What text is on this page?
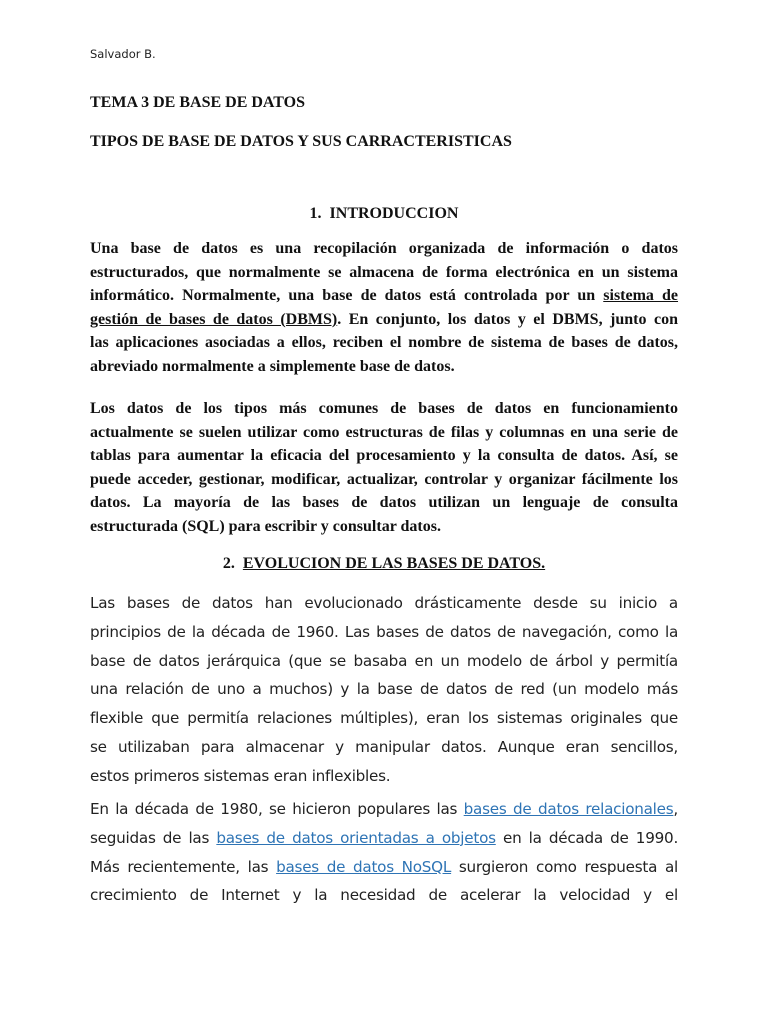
Salvador B.
TEMA 3 DE BASE DE DATOS
TIPOS DE BASE DE DATOS Y SUS CARRACTERISTICAS
1. INTRODUCCION
Una base de datos es una recopilación organizada de información o datos
estructurados, que normalmente se almacena de forma electrónica en un sistema
informático. Normalmente, una base de datos está controlada por un sistema de
gestión de bases de datos (DBMS). En conjunto, los datos y el DBMS, junto con
las aplicaciones asociadas a ellos, reciben el nombre de sistema de bases de datos,
abreviado normalmente a simplemente base de datos.
Los datos de los tipos más comunes de bases de datos en funcionamiento
actualmente se suelen utilizar como estructuras de filas y columnas en una serie de
tablas para aumentar la eficacia del procesamiento y la consulta de datos. Así, se
puede acceder, gestionar, modificar, actualizar, controlar y organizar fácilmente los
datos. La mayoría de las bases de datos utilizan un lenguaje de consulta
estructurada (SQL) para escribir y consultar datos.
2. EVOLUCION DE LAS BASES DE DATOS.
Las bases de datos han evolucionado drásticamente desde su inicio a
principios de la década de 1960. Las bases de datos de navegación, como la
base de datos jerárquica (que se basaba en un modelo de árbol y permitía
una relación de uno a muchos) y la base de datos de red (un modelo más
flexible que permitía relaciones múltiples), eran los sistemas originales que
se utilizaban para almacenar y manipular datos. Aunque eran sencillos,
estos primeros sistemas eran inflexibles.
En la década de 1980, se hicieron populares las bases de datos relacionales,
seguidas de las bases de datos orientadas a objetos en la década de 1990.
Más recientemente, las bases de datos NoSQL surgieron como respuesta al
crecimiento de Internet y la necesidad de acelerar la velocidad y el
